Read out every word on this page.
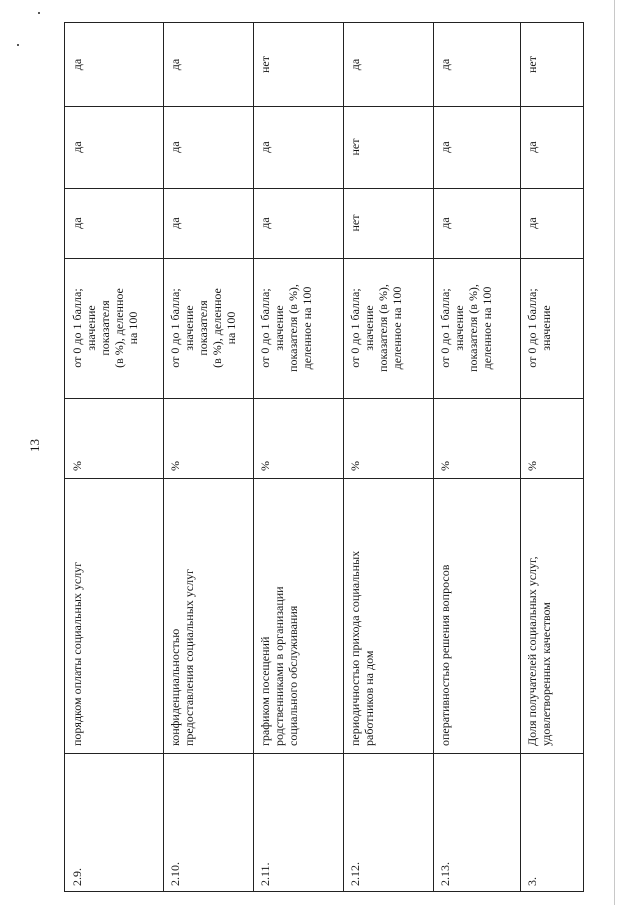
13
да
да
да
от 0 до 1 балла;
значение
показателя
(в %), деленное
на 100
%
порядком оплаты социальных услуг
2.9.
да
да
да
от 0 до 1 балла;
значение
показателя
(в %), деленное
на 100
%
конфиденциальностью
предоставления социальных услуг
2.10.
нет
да
да
от 0 до 1 балла;
значение
показателя (в %),
деленное на 100
%
графиком посещений
родственниками в организации
социального обслуживания
2.11.
да
нет
нет
от 0 до 1 балла;
значение
показателя (в %),
деленное на 100
%
периодичностью прихода социальных
работников на дом
2.12.
да
да
да
от 0 до 1 балла;
значение
показателя (в %),
деленное на 100
%
оперативностью решения вопросов
2.13.
нет
да
да
от 0 до 1 балла;
значение
%
Доля получателей социальных услуг,
удовлетворенных качеством
3.
